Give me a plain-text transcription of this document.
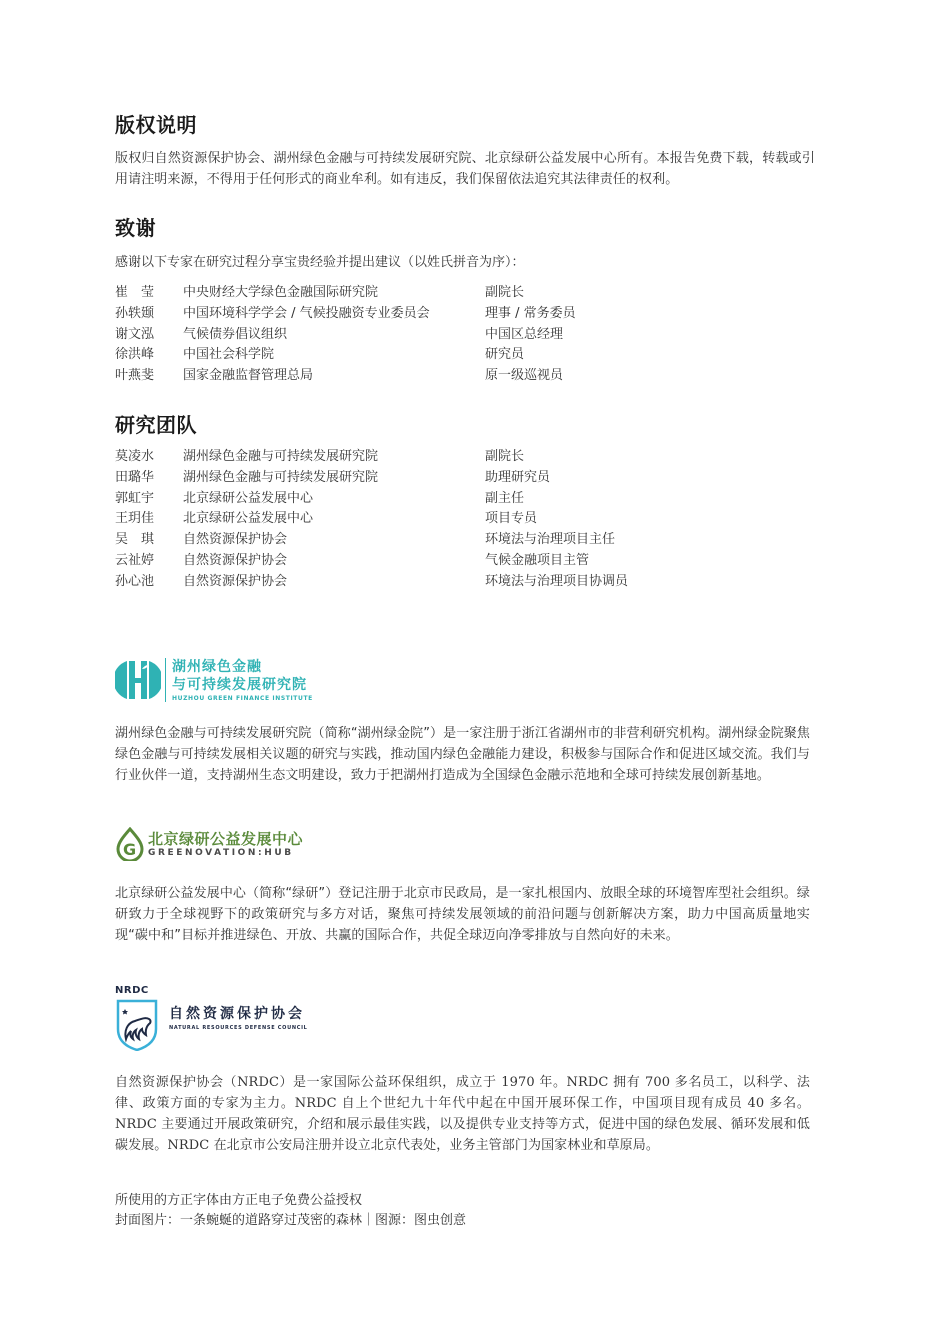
版权说明
版权归自然资源保护协会、湖州绿色金融与可持续发展研究院、北京绿研公益发展中心所有。本报告免费下载，转载或引用请注明来源，不得用于任何形式的商业牟利。如有违反，我们保留依法追究其法律责任的权利。
致谢
感谢以下专家在研究过程分享宝贵经验并提出建议（以姓氏拼音为序）：
崔　莹	中央财经大学绿色金融国际研究院	副院长
孙轶颋	中国环境科学学会 / 气候投融资专业委员会	理事 / 常务委员
谢文泓	气候债券倡议组织	中国区总经理
徐洪峰	中国社会科学院	研究员
叶燕斐	国家金融监督管理总局	原一级巡视员
研究团队
莫凌水	湖州绿色金融与可持续发展研究院	副院长
田璐华	湖州绿色金融与可持续发展研究院	助理研究员
郭虹宇	北京绿研公益发展中心	副主任
王玥佳	北京绿研公益发展中心	项目专员
吴　琪	自然资源保护协会	环境法与治理项目主任
云祉婷	自然资源保护协会	气候金融项目主管
孙心池	自然资源保护协会	环境法与治理项目协调员
湖州绿色金融
与可持续发展研究院
HUZHOU GREEN FINANCE INSTITUTE
湖州绿色金融与可持续发展研究院（简称“湖州绿金院”）是一家注册于浙江省湖州市的非营利研究机构。湖州绿金院聚焦绿色金融与可持续发展相关议题的研究与实践，推动国内绿色金融能力建设，积极参与国际合作和促进区域交流。我们与行业伙伴一道，支持湖州生态文明建设，致力于把湖州打造成为全国绿色金融示范地和全球可持续发展创新基地。
G
北京绿研公益发展中心
GREENOVATION:HUB
北京绿研公益发展中心（简称“绿研”）登记注册于北京市民政局，是一家扎根国内、放眼全球的环境智库型社会组织。绿研致力于全球视野下的政策研究与多方对话，聚焦可持续发展领域的前沿问题与创新解决方案，助力中国高质量地实现“碳中和”目标并推进绿色、开放、共赢的国际合作，共促全球迈向净零排放与自然向好的未来。
NRDC
自然资源保护协会
NATURAL RESOURCES DEFENSE COUNCIL
自然资源保护协会（NRDC）是一家国际公益环保组织，成立于 1970 年。NRDC 拥有 700 多名员工，以科学、法律、政策方面的专家为主力。NRDC 自上个世纪九十年代中起在中国开展环保工作，中国项目现有成员 40 多名。NRDC 主要通过开展政策研究，介绍和展示最佳实践，以及提供专业支持等方式，促进中国的绿色发展、循环发展和低碳发展。NRDC 在北京市公安局注册并设立北京代表处，业务主管部门为国家林业和草原局。
所使用的方正字体由方正电子免费公益授权
封面图片：一条蜿蜒的道路穿过茂密的森林｜图源：图虫创意
